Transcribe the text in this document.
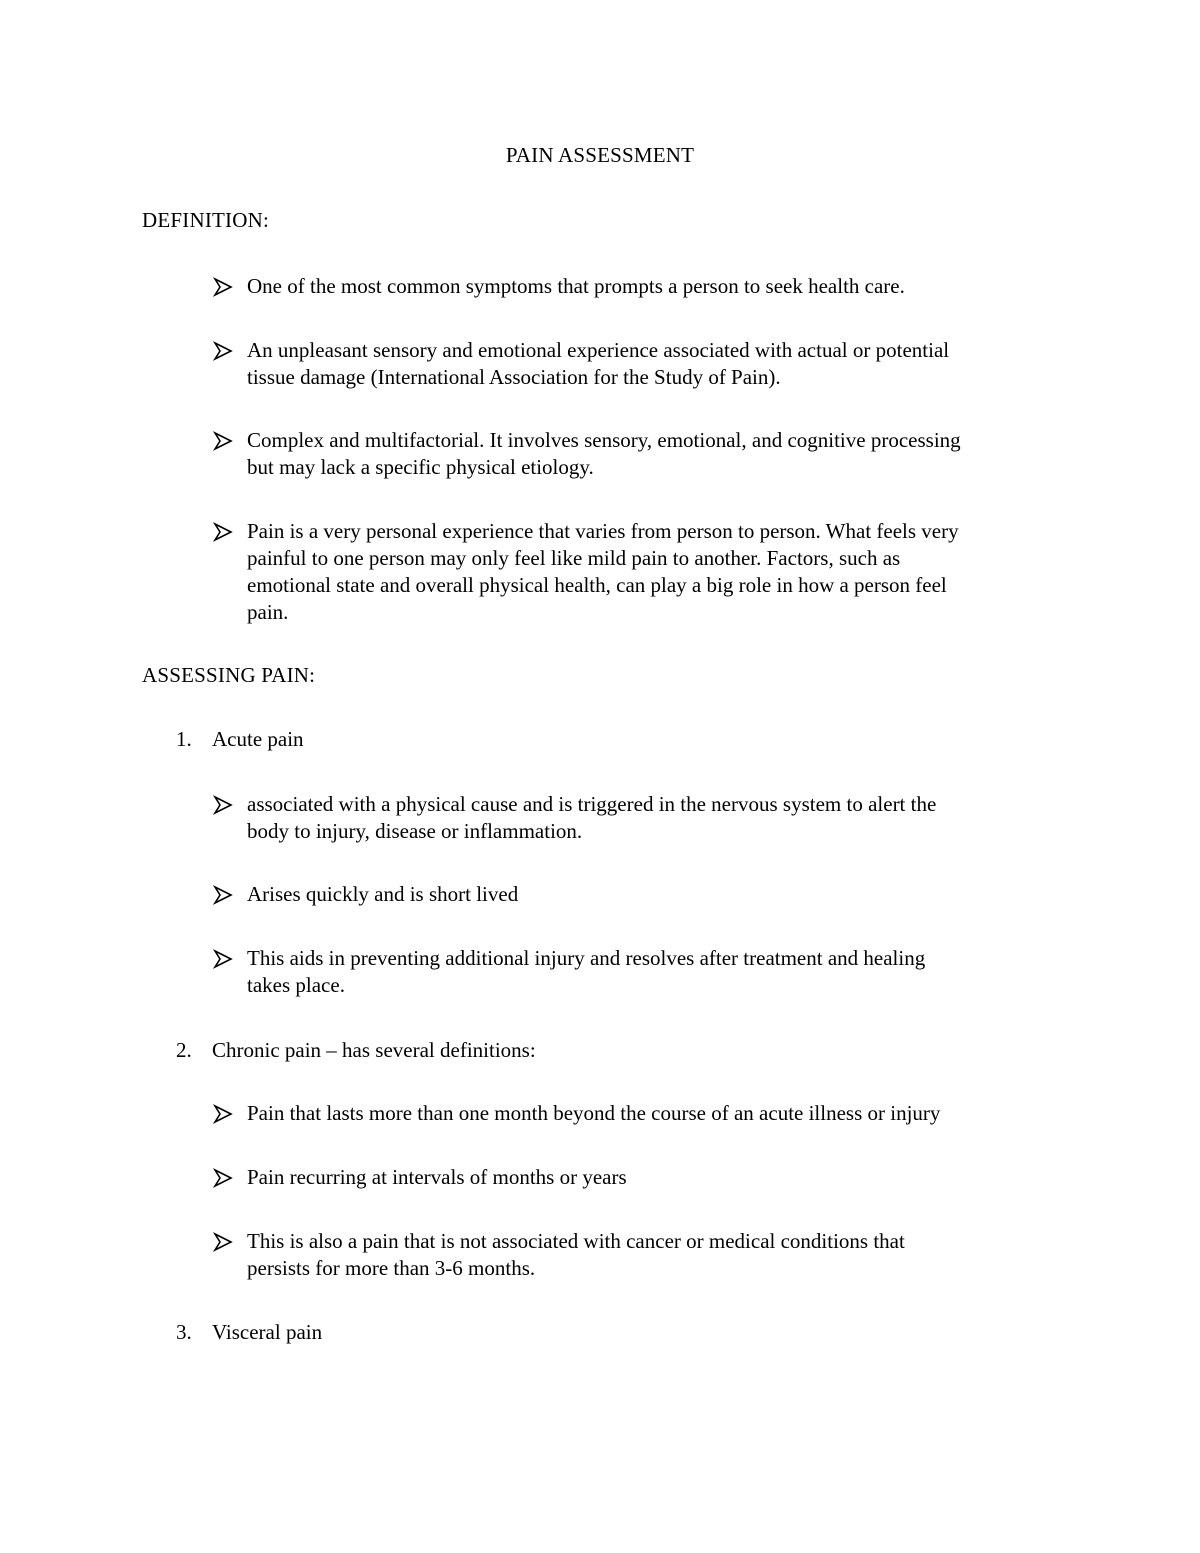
PAIN ASSESSMENT
DEFINITION:
One of the most common symptoms that prompts a person to seek health care.
An unpleasant sensory and emotional experience associated with actual or potential
tissue damage (International Association for the Study of Pain).
Complex and multifactorial. It involves sensory, emotional, and cognitive processing
but may lack a specific physical etiology.
Pain is a very personal experience that varies from person to person. What feels very
painful to one person may only feel like mild pain to another. Factors, such as
emotional state and overall physical health, can play a big role in how a person feel
pain.
ASSESSING PAIN:
1. Acute pain
associated with a physical cause and is triggered in the nervous system to alert the
body to injury, disease or inflammation.
Arises quickly and is short lived
This aids in preventing additional injury and resolves after treatment and healing
takes place.
2. Chronic pain – has several definitions:
Pain that lasts more than one month beyond the course of an acute illness or injury
Pain recurring at intervals of months or years
This is also a pain that is not associated with cancer or medical conditions that
persists for more than 3-6 months.
3. Visceral pain
